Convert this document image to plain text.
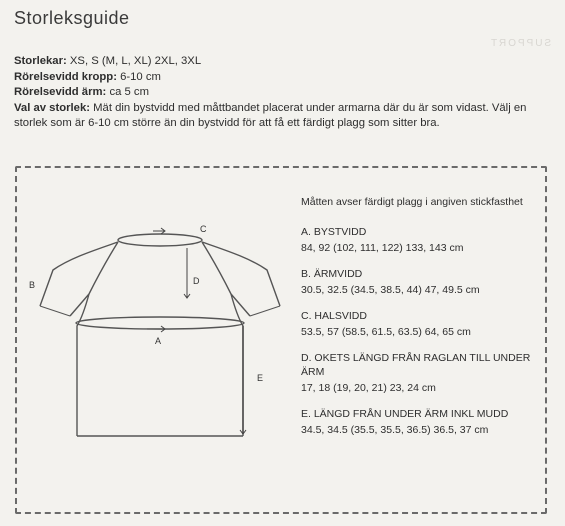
Storleksguide
SUPPORT
Storlekar: XS, S (M, L, XL) 2XL, 3XL
Rörelsevidd kropp: 6-10 cm
Rörelsevidd ärm: ca 5 cm
Val av storlek: Mät din bystvidd med måttbandet placerat under armarna där du är som vidast. Välj en storlek som är 6-10 cm större än din bystvidd för att få ett färdigt plagg som sitter bra.
C
D
B
A
E
Måtten avser färdigt plagg i angiven stickfasthet
A. BYSTVIDD
84, 92 (102, 111, 122) 133, 143 cm
B. ÄRMVIDD
30.5, 32.5 (34.5, 38.5, 44) 47, 49.5 cm
C. HALSVIDD
53.5, 57 (58.5, 61.5, 63.5) 64, 65 cm
D. OKETS LÄNGD FRÅN RAGLAN TILL UNDER ÄRM
17, 18 (19, 20, 21) 23, 24 cm
E. LÄNGD FRÅN UNDER ÄRM INKL MUDD
34.5, 34.5 (35.5, 35.5, 36.5) 36.5, 37 cm
